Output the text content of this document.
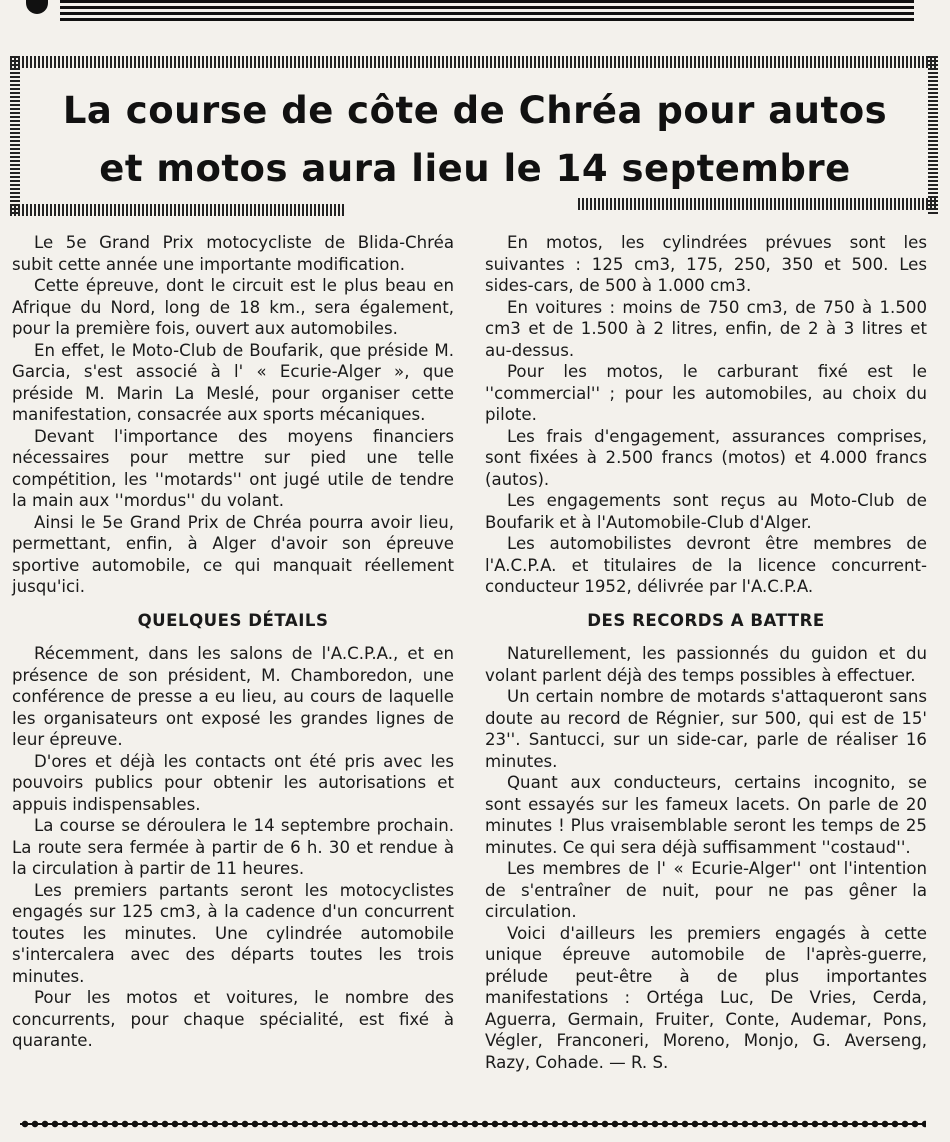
La course de côte de Chréa pour autos
et motos aura lieu le 14 septembre

Le 5e Grand Prix motocycliste de Blida-Chréa subit cette année une importante modification.

Cette épreuve, dont le circuit est le plus beau en Afrique du Nord, long de 18 km., sera également, pour la première fois, ouvert aux automobiles.

En effet, le Moto-Club de Boufarik, que préside M. Garcia, s'est associé à l' « Ecurie-Alger », que préside M. Marin La Meslé, pour organiser cette manifestation, consacrée aux sports mécaniques.

Devant l'importance des moyens financiers nécessaires pour mettre sur pied une telle compétition, les ''motards'' ont jugé utile de tendre la main aux ''mordus'' du volant.

Ainsi le 5e Grand Prix de Chréa pourra avoir lieu, permettant, enfin, à Alger d'avoir son épreuve sportive automobile, ce qui manquait réellement jusqu'ici.

QUELQUES DÉTAILS

Récemment, dans les salons de l'A.C.P.A., et en présence de son président, M. Chamboredon, une conférence de presse a eu lieu, au cours de laquelle les organisateurs ont exposé les grandes lignes de leur épreuve.

D'ores et déjà les contacts ont été pris avec les pouvoirs publics pour obtenir les autorisations et appuis indispensables.

La course se déroulera le 14 septembre prochain. La route sera fermée à partir de 6 h. 30 et rendue à la circulation à partir de 11 heures.

Les premiers partants seront les motocyclistes engagés sur 125 cm3, à la cadence d'un concurrent toutes les minutes. Une cylindrée automobile s'intercalera avec des départs toutes les trois minutes.

Pour les motos et voitures, le nombre des concurrents, pour chaque spécialité, est fixé à quarante.

En motos, les cylindrées prévues sont les suivantes : 125 cm3, 175, 250, 350 et 500. Les sides-cars, de 500 à 1.000 cm3.

En voitures : moins de 750 cm3, de 750 à 1.500 cm3 et de 1.500 à 2 litres, enfin, de 2 à 3 litres et au-dessus.

Pour les motos, le carburant fixé est le ''commercial'' ; pour les automobiles, au choix du pilote.

Les frais d'engagement, assurances comprises, sont fixées à 2.500 francs (motos) et 4.000 francs (autos).

Les engagements sont reçus au Moto-Club de Boufarik et à l'Automobile-Club d'Alger.

Les automobilistes devront être membres de l'A.C.P.A. et titulaires de la licence concurrent-conducteur 1952, délivrée par l'A.C.P.A.

DES RECORDS A BATTRE

Naturellement, les passionnés du guidon et du volant parlent déjà des temps possibles à effectuer.

Un certain nombre de motards s'attaqueront sans doute au record de Régnier, sur 500, qui est de 15' 23''. Santucci, sur un side-car, parle de réaliser 16 minutes.

Quant aux conducteurs, certains incognito, se sont essayés sur les fameux lacets. On parle de 20 minutes ! Plus vraisemblable seront les temps de 25 minutes. Ce qui sera déjà suffisamment ''costaud''.

Les membres de l' « Ecurie-Alger'' ont l'intention de s'entraîner de nuit, pour ne pas gêner la circulation.

Voici d'ailleurs les premiers engagés à cette unique épreuve automobile de l'après-guerre, prélude peut-être à de plus importantes manifestations : Ortéga Luc, De Vries, Cerda, Aguerra, Germain, Fruiter, Conte, Audemar, Pons, Végler, Franconeri, Moreno, Monjo, G. Averseng, Razy, Cohade. — R. S.
